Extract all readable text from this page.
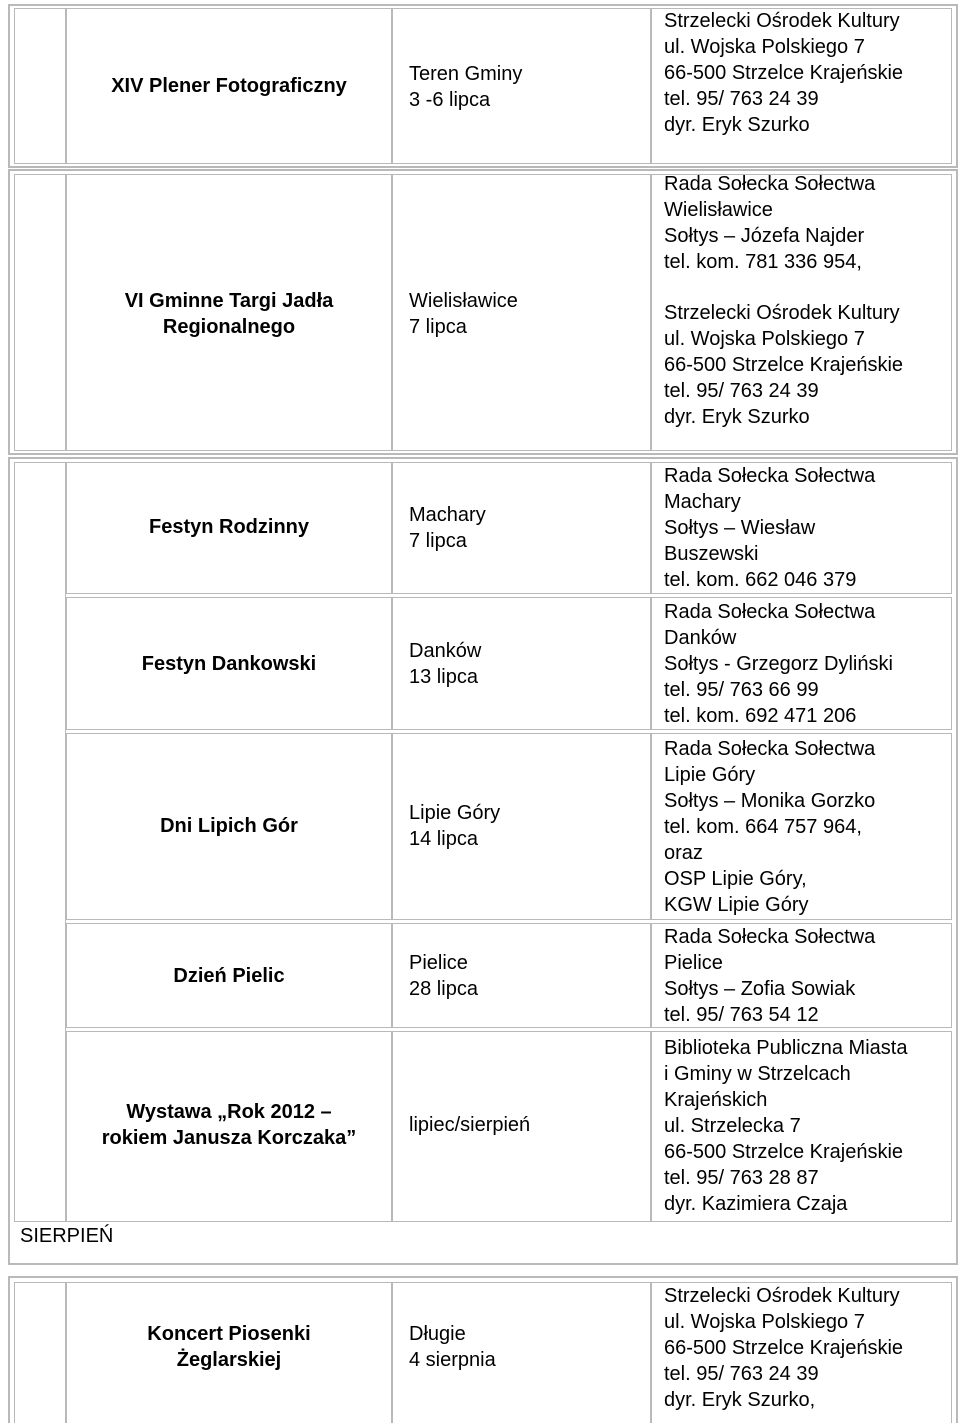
XIV Plener Fotograficzny

Teren Gminy
3 -6 lipca

Strzelecki Ośrodek Kultury
ul. Wojska Polskiego 7
66-500 Strzelce Krajeńskie
tel. 95/ 763 24 39
dyr. Eryk Szurko

VI Gminne Targi Jadła
Regionalnego

Wielisławice
7 lipca

Rada Sołecka Sołectwa
Wielisławice
Sołtys – Józefa Najder
tel. kom. 781 336 954,

Strzelecki Ośrodek Kultury
ul. Wojska Polskiego 7
66-500 Strzelce Krajeńskie
tel. 95/ 763 24 39
dyr. Eryk Szurko

Festyn Rodzinny

Machary
7 lipca

Rada Sołecka Sołectwa
Machary
Sołtys – Wiesław
Buszewski
tel. kom. 662 046 379

Festyn Dankowski

Danków
13 lipca

Rada Sołecka Sołectwa
Danków
Sołtys - Grzegorz Dyliński
tel. 95/ 763 66 99
tel. kom. 692 471 206

Dni Lipich Gór

Lipie Góry
14 lipca

Rada Sołecka Sołectwa
Lipie Góry
Sołtys – Monika Gorzko
tel. kom. 664 757 964,
oraz
OSP Lipie Góry,
KGW Lipie Góry

Dzień Pielic

Pielice
28 lipca

Rada Sołecka Sołectwa
Pielice
Sołtys – Zofia Sowiak
tel. 95/ 763 54 12

Wystawa „Rok 2012 –
rokiem Janusza Korczaka”

lipiec/sierpień

Biblioteka Publiczna Miasta
i Gminy w Strzelcach
Krajeńskich
ul. Strzelecka 7
66-500 Strzelce Krajeńskie
tel. 95/ 763 28 87
dyr. Kazimiera Czaja

SIERPIEŃ

Koncert Piosenki
Żeglarskiej

Długie
4 sierpnia

Strzelecki Ośrodek Kultury
ul. Wojska Polskiego 7
66-500 Strzelce Krajeńskie
tel. 95/ 763 24 39
dyr. Eryk Szurko,
